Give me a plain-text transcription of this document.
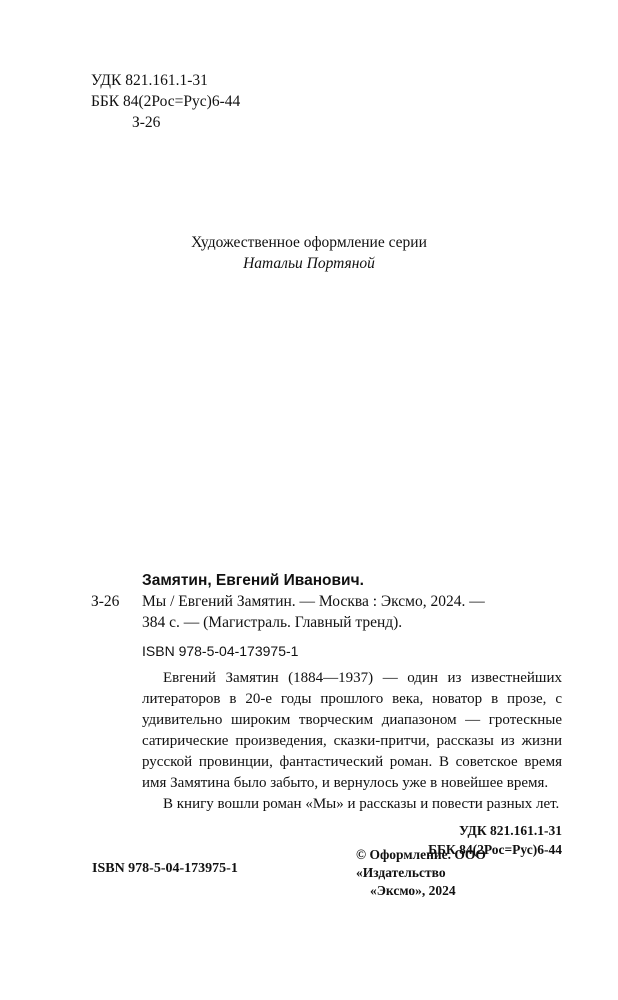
УДК 821.161.1-31
ББК 84(2Рос=Рус)6-44
З-26
Художественное оформление серии
Натальи Портяной
З-26
Замятин, Евгений Иванович.
Мы / Евгений Замятин. — Москва : Эксмо, 2024. —
384 с. — (Магистраль. Главный тренд).
ISBN 978-5-04-173975-1
Евгений Замятин (1884—1937) — один из известнейших литераторов в 20-е годы прошлого века, новатор в прозе, с удивительно широким творческим диапазоном — гротескные сатирические произведения, сказки-притчи, рассказы из жизни русской провинции, фантастический роман. В советское время имя Замятина было забыто, и вернулось уже в новейшее время.
В книгу вошли роман «Мы» и рассказы и повести разных лет.
УДК 821.161.1-31
ББК 84(2Рос=Рус)6-44
ISBN 978-5-04-173975-1
© Оформление. ООО «Издательство
«Эксмо», 2024
